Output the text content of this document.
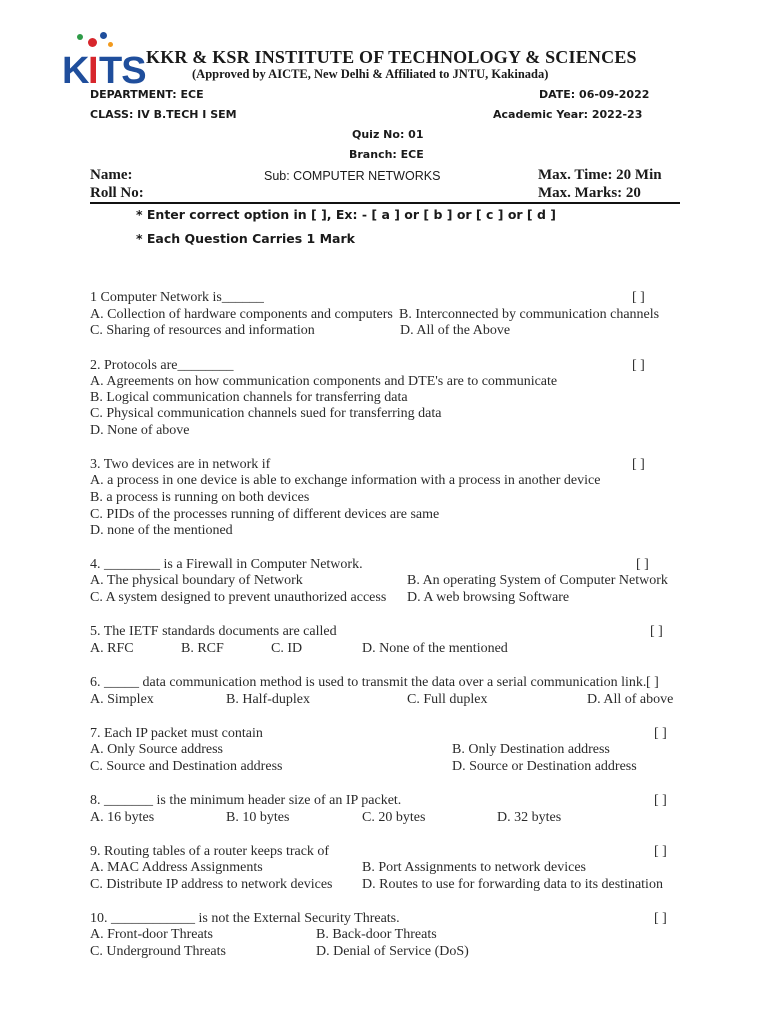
K I TS KKR & KSR INSTITUTE OF TECHNOLOGY & SCIENCES
(Approved by AICTE, New Delhi & Affiliated to JNTU, Kakinada)
DEPARTMENT: ECE	DATE: 06-09-2022
CLASS: IV B.TECH I SEM	Academic Year: 2022-23
Quiz No: 01
Branch: ECE
Name:	Sub: COMPUTER NETWORKS	Max. Time: 20 Min
Roll No:	Max. Marks: 20
* Enter correct option in [ ], Ex: - [ a ] or [ b ] or [ c ] or [ d ]
* Each Question Carries 1 Mark
1 Computer Network is______	[ ]
A. Collection of hardware components and computers B. Interconnected by communication channels
C. Sharing of resources and information	D. All of the Above
2. Protocols are________	[ ]
A. Agreements on how communication components and DTE's are to communicate
B. Logical communication channels for transferring data
C. Physical communication channels sued for transferring data
D. None of above
3. Two devices are in network if	[ ]
A. a process in one device is able to exchange information with a process in another device
B. a process is running on both devices
C. PIDs of the processes running of different devices are same
D. none of the mentioned
4. ________ is a Firewall in Computer Network.	[ ]
A. The physical boundary of Network	B. An operating System of Computer Network
C. A system designed to prevent unauthorized access D. A web browsing Software
5. The IETF standards documents are called	[ ]
A. RFC	B. RCF	C. ID	D. None of the mentioned
6. _____ data communication method is used to transmit the data over a serial communication link. [ ]
A. Simplex	B. Half-duplex	C. Full duplex	D. All of above
7. Each IP packet must contain	[ ]
A. Only Source address	B. Only Destination address
C. Source and Destination address	D. Source or Destination address
8. _______ is the minimum header size of an IP packet.	[ ]
A. 16 bytes	B. 10 bytes	C. 20 bytes	D. 32 bytes
9. Routing tables of a router keeps track of	[ ]
A. MAC Address Assignments	B. Port Assignments to network devices
C. Distribute IP address to network devices D. Routes to use for forwarding data to its destination
10. ____________ is not the External Security Threats.	[ ]
A. Front-door Threats	B. Back-door Threats
C. Underground Threats	D. Denial of Service (DoS)
